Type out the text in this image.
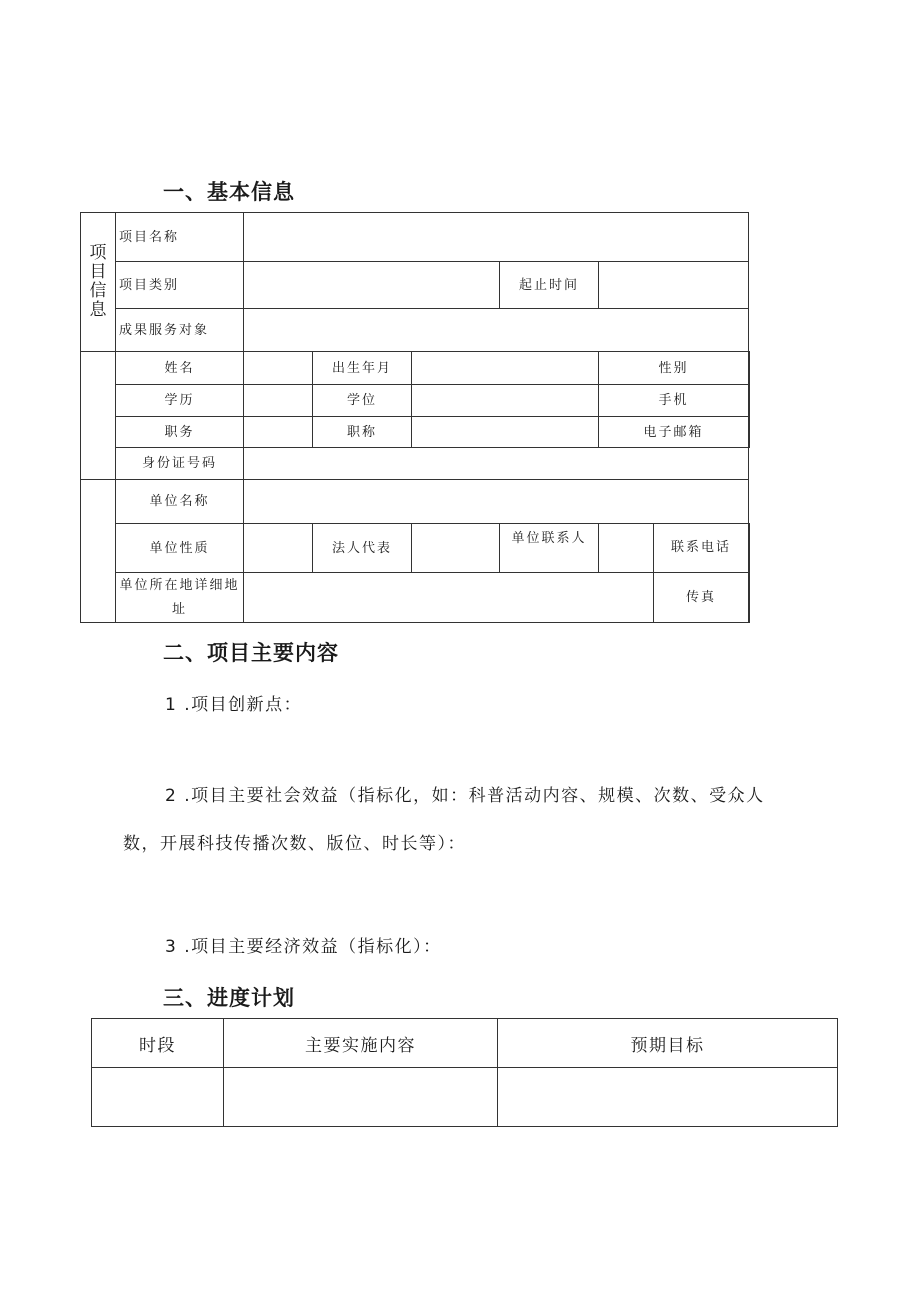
一、基本信息
项
目
信
息	项目名称							
	项目类别				起止时间			
	成果服务对象							
	姓名		出生年月			性别		
	学历		学位			手机		
	职务		职称			电子邮箱		
	身份证号码							
	单位名称							
	单位性质		法人代表		单位联系人		联系电话	
	单位所在地详细地址						传真	
二、项目主要内容
1 .项目创新点：
2 .项目主要社会效益（指标化，如：科普活动内容、规模、次数、受众人
数，开展科技传播次数、版位、时长等）：
3 .项目主要经济效益（指标化）：
三、进度计划
时段	主要实施内容	预期目标
